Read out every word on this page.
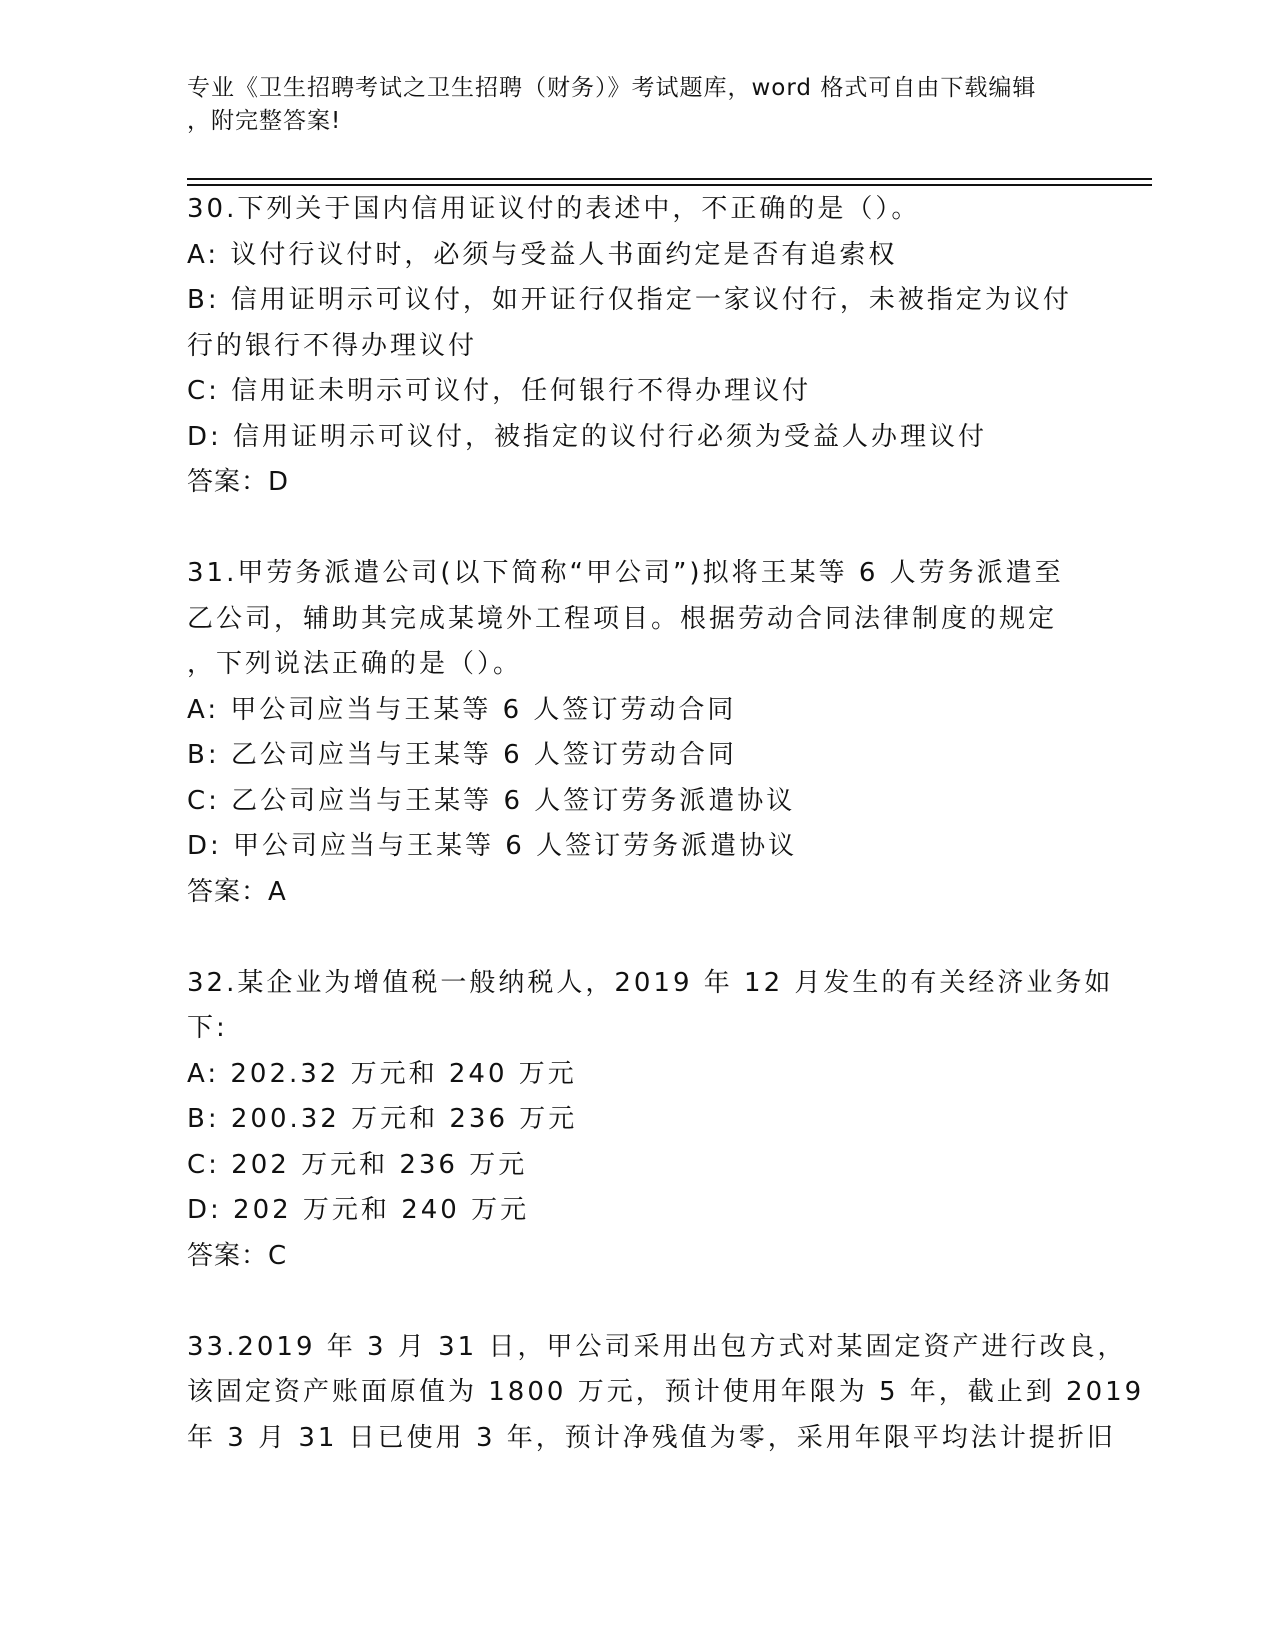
专业《卫生招聘考试之卫生招聘（财务）》考试题库，word 格式可自由下载编辑
，附完整答案!
30.下列关于国内信用证议付的表述中，不正确的是（）。
A: 议付行议付时，必须与受益人书面约定是否有追索权
B: 信用证明示可议付，如开证行仅指定一家议付行，未被指定为议付
行的银行不得办理议付
C: 信用证未明示可议付，任何银行不得办理议付
D: 信用证明示可议付，被指定的议付行必须为受益人办理议付
答案：D
31.甲劳务派遣公司(以下简称“甲公司”)拟将王某等 6 人劳务派遣至
乙公司，辅助其完成某境外工程项目。根据劳动合同法律制度的规定
，下列说法正确的是（）。
A: 甲公司应当与王某等 6 人签订劳动合同
B: 乙公司应当与王某等 6 人签订劳动合同
C: 乙公司应当与王某等 6 人签订劳务派遣协议
D: 甲公司应当与王某等 6 人签订劳务派遣协议
答案：A
32.某企业为增值税一般纳税人，2019 年 12 月发生的有关经济业务如
下:
A: 202.32 万元和 240 万元
B: 200.32 万元和 236 万元
C: 202 万元和 236 万元
D: 202 万元和 240 万元
答案：C
33.2019 年 3 月 31 日，甲公司采用出包方式对某固定资产进行改良，
该固定资产账面原值为 1800 万元，预计使用年限为 5 年，截止到 2019
年 3 月 31 日已使用 3 年，预计净残值为零，采用年限平均法计提折旧
